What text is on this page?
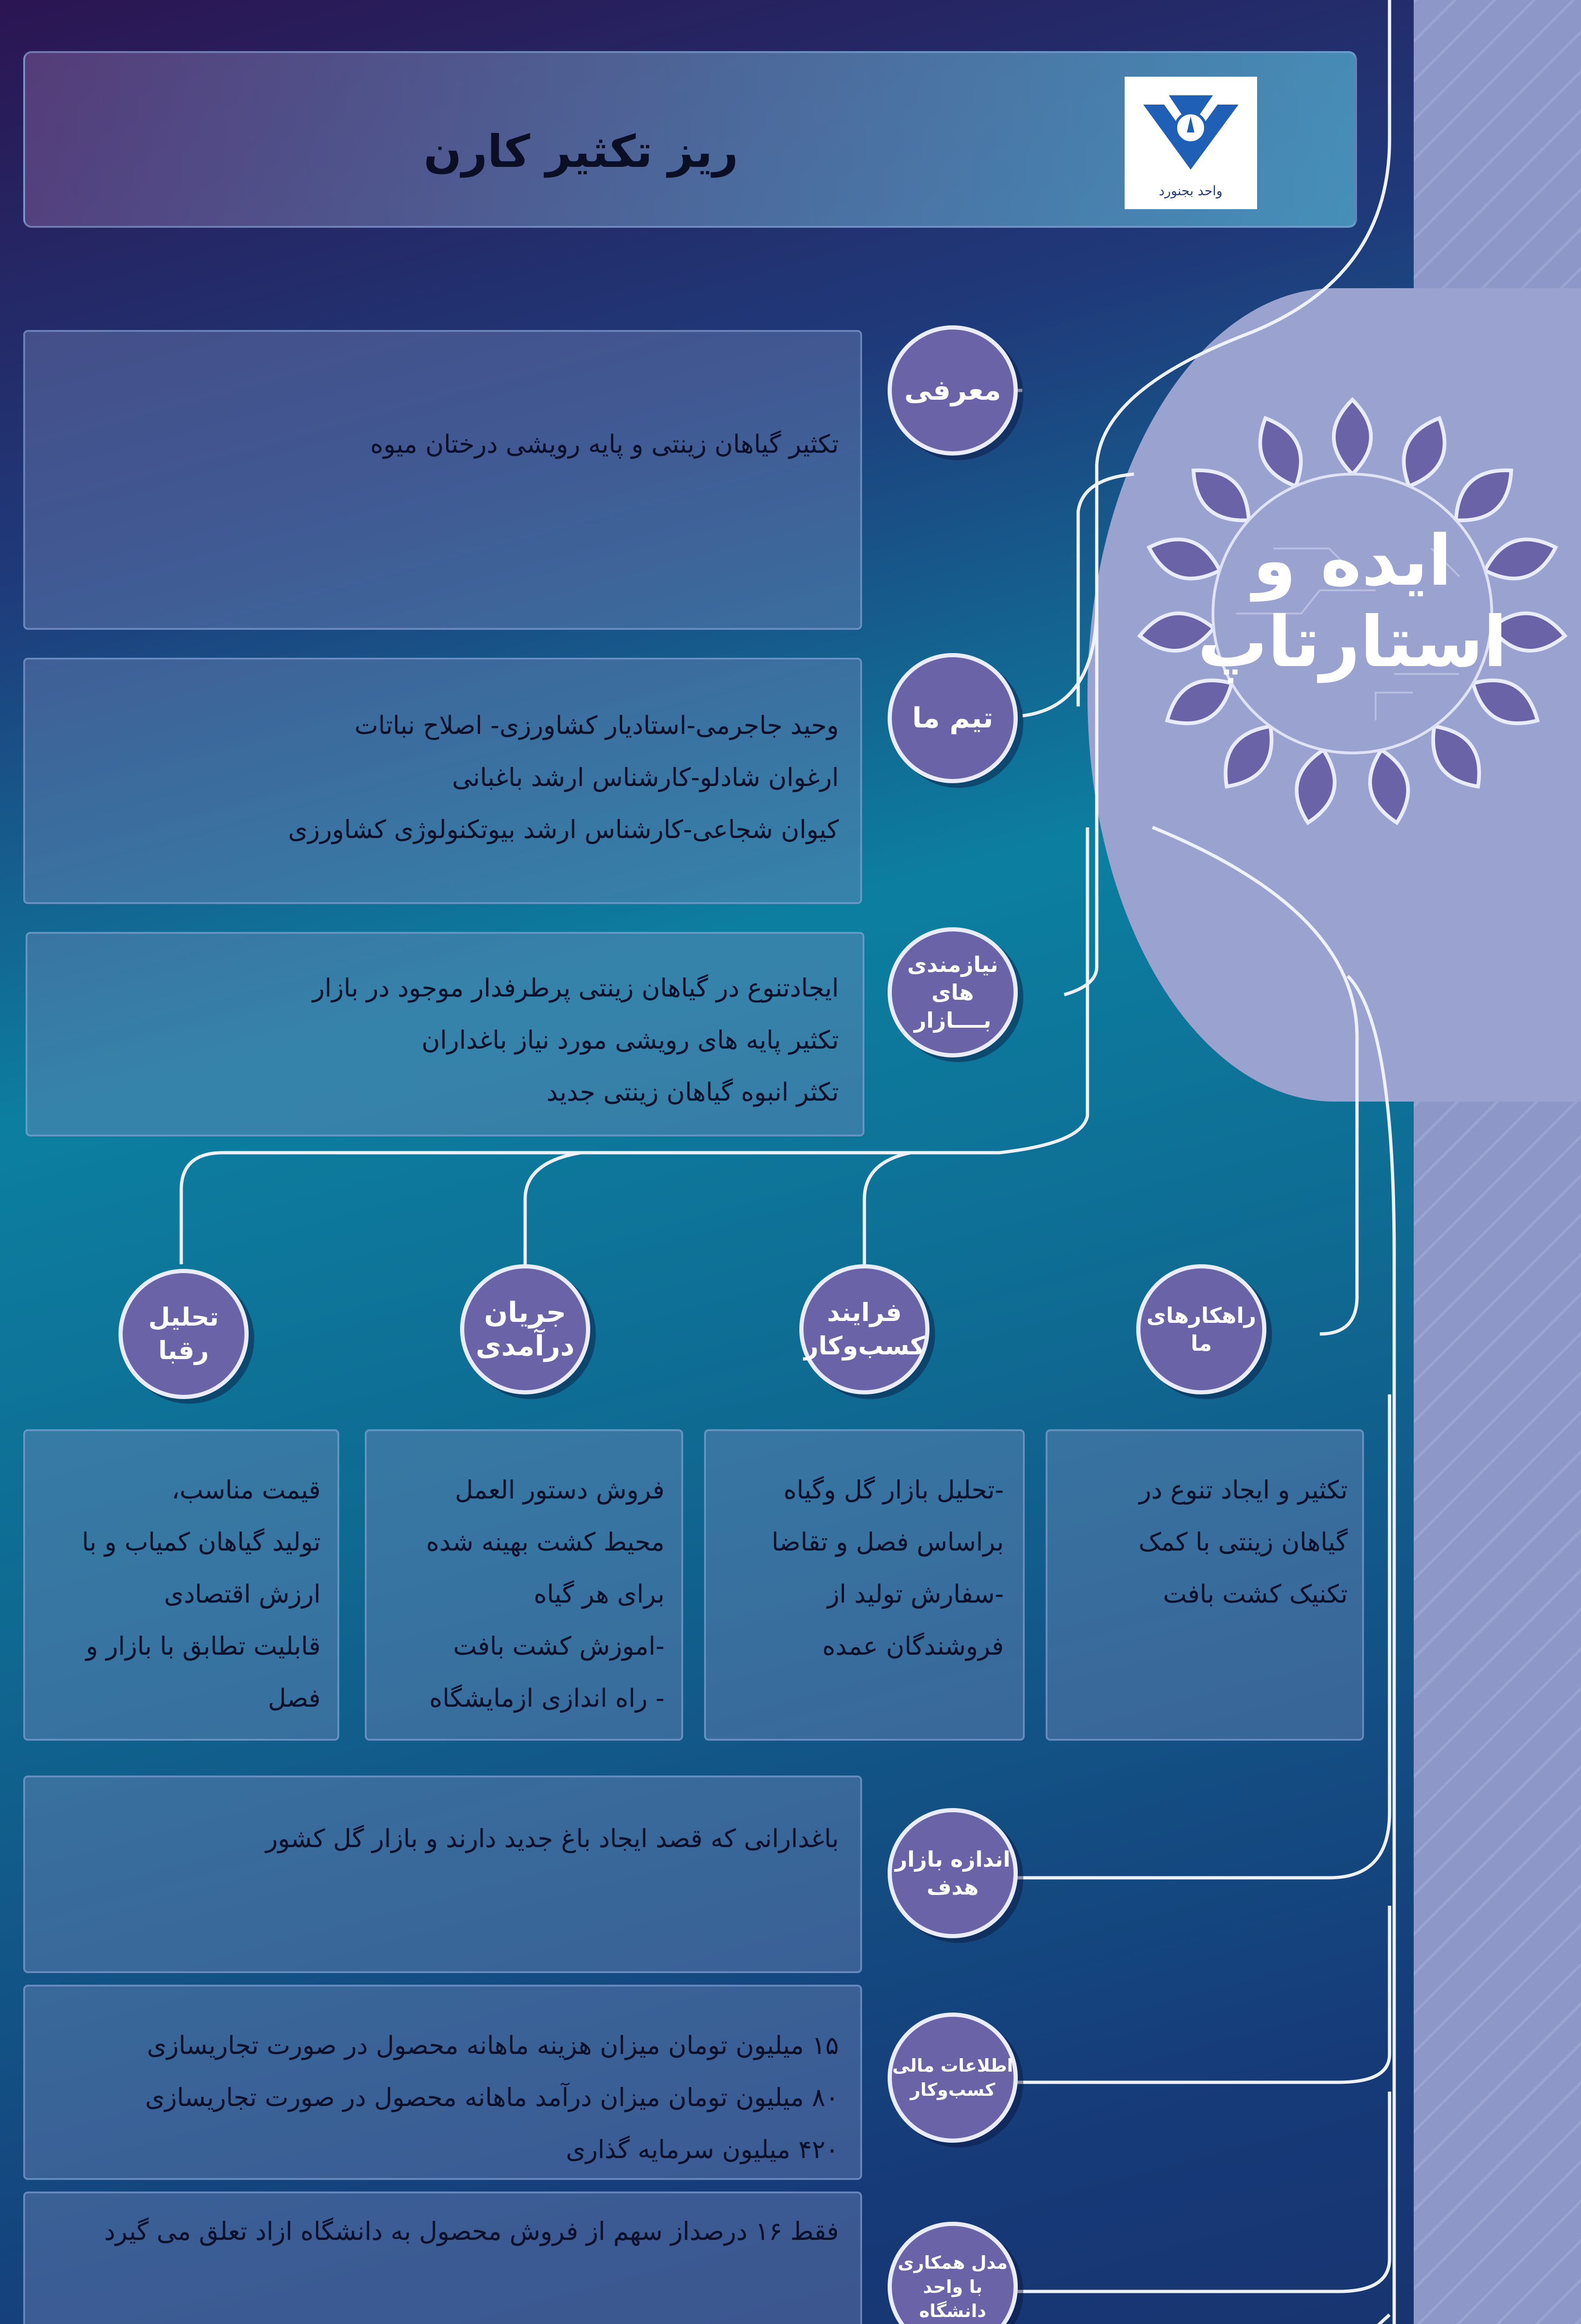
ریز تکثیر کارن
واحد بجنورد
ایده و
استارتاپ
تکثیر گیاهان زینتی و پایه رویشی درختان میوه
معرفی
وحید جاجرمی-استادیار کشاورزی- اصلاح نباتات
ارغوان شادلو-کارشناس ارشد باغبانی
کیوان شجاعی-کارشناس ارشد بیوتکنولوژی کشاورزی
تیم ما
ایجادتنوع در گیاهان زینتی پرطرفدار موجود در بازار
تکثیر پایه های رویشی مورد نیاز باغداران
تکثر انبوه گیاهان زینتی جدید
نیازمندی های بــــازار
تحلیل رقبا
جریان درآمدی
فرایند کسب‌وکار
راهکارهای ما
قیمت مناسب،
تولید گیاهان کمیاب و با
ارزش اقتصادی
قابلیت تطابق با بازار و
فصل
فروش دستور العمل
محیط کشت بهینه شده
برای هر گیاه
-اموزش کشت بافت
- راه اندازی ازمایشگاه
-تحلیل بازار گل وگیاه
براساس فصل و تقاضا
-سفارش تولید از
فروشندگان عمده
تکثیر و ایجاد تنوع در
گیاهان زینتی با کمک
تکنیک کشت بافت
باغدارانی که قصد ایجاد باغ جدید دارند و بازار گل کشور
اندازه بازار هدف
۱۵ میلیون تومان میزان هزینه ماهانه محصول در صورت تجاریسازی
۸۰ میلیون تومان میزان درآمد ماهانه محصول در صورت تجاریسازی
۴۲۰ میلیون سرمایه گذاری
اطلاعات مالی کسب‌وکار
فقط ۱۶ درصداز سهم از فروش محصول به دانشگاه ازاد تعلق می گیرد
مدل همکاری با واحد دانشگاه
